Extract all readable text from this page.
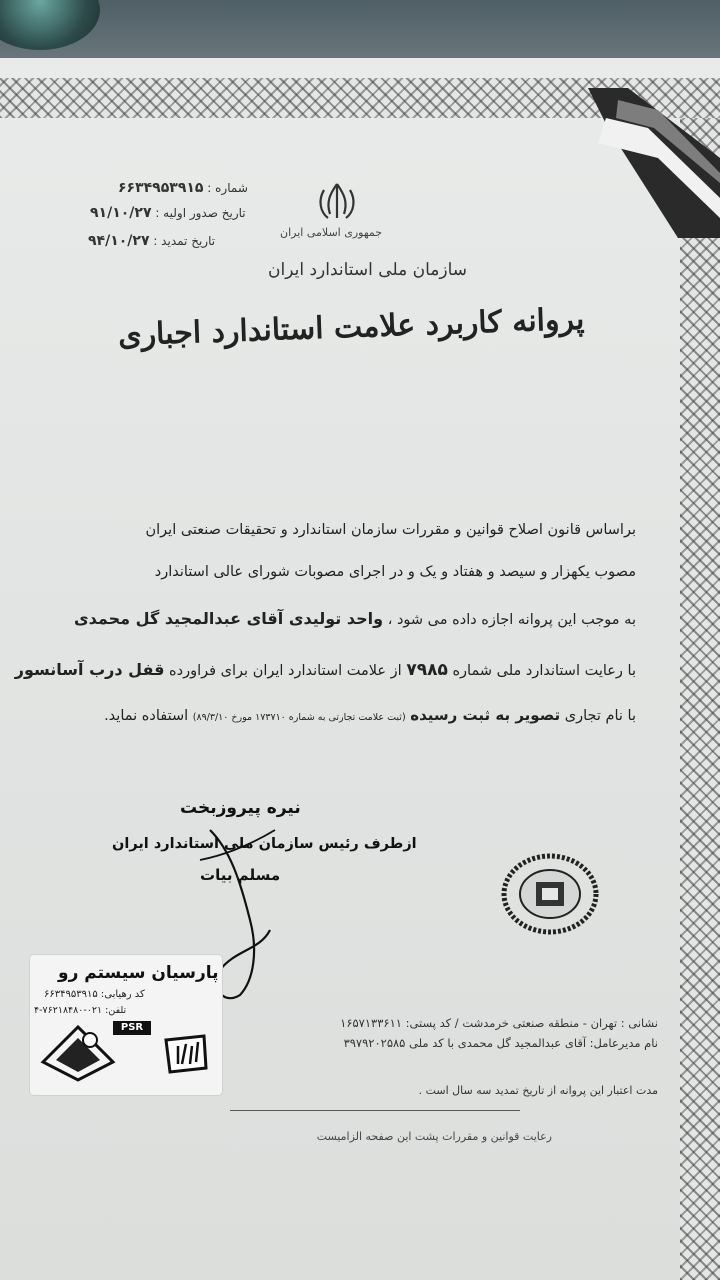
شماره : ۶۶۳۴۹۵۳۹۱۵
تاریخ صدور اولیه : ۹۱/۱۰/۲۷
تاریخ تمدید : ۹۴/۱۰/۲۷
جمهوری اسلامی ایران
سازمان ملی استاندارد ایران
پروانه کاربرد علامت استاندارد اجباری
براساس قانون اصلاح قوانین و مقررات سازمان استاندارد و تحقیقات صنعتی ایران
مصوب یکهزار و سیصد و هفتاد و یک و در اجرای مصوبات شورای عالی استاندارد
به موجب این پروانه اجازه داده می شود ، واحد تولیدی آقای عبدالمجید گل محمدی
با رعایت استاندارد ملی شماره ۷۹۸۵ از علامت استاندارد ایران برای فراورده قفل درب آسانسور
با نام تجاری تصویر به ثبت رسیده (ثبت علامت تجارتی به شماره ۱۷۳۷۱۰ مورخ ۸۹/۳/۱۰) استفاده نماید.
نیره پیروزبخت
ازطرف رئیس سازمان ملی استاندارد ایران
مسلم بیات
پارسیان سیستم رو
کد رهیابی: ۶۶۳۴۹۵۳۹۱۵
تلفن: ۰۲۱-۷۶۲۱۸۴۸۰-۴
PSR	نشانی : تهران - منطقه صنعتی خرمدشت / کد پستی: ۱۶۵۷۱۳۳۶۱۱
نام مدیرعامل: آقای عبدالمجید گل محمدی با کد ملی ۳۹۷۹۲۰۲۵۸۵
مدت اعتبار این پروانه از تاریخ تمدید سه سال است .
رعایت قوانین و مقررات پشت این صفحه الزامیست
